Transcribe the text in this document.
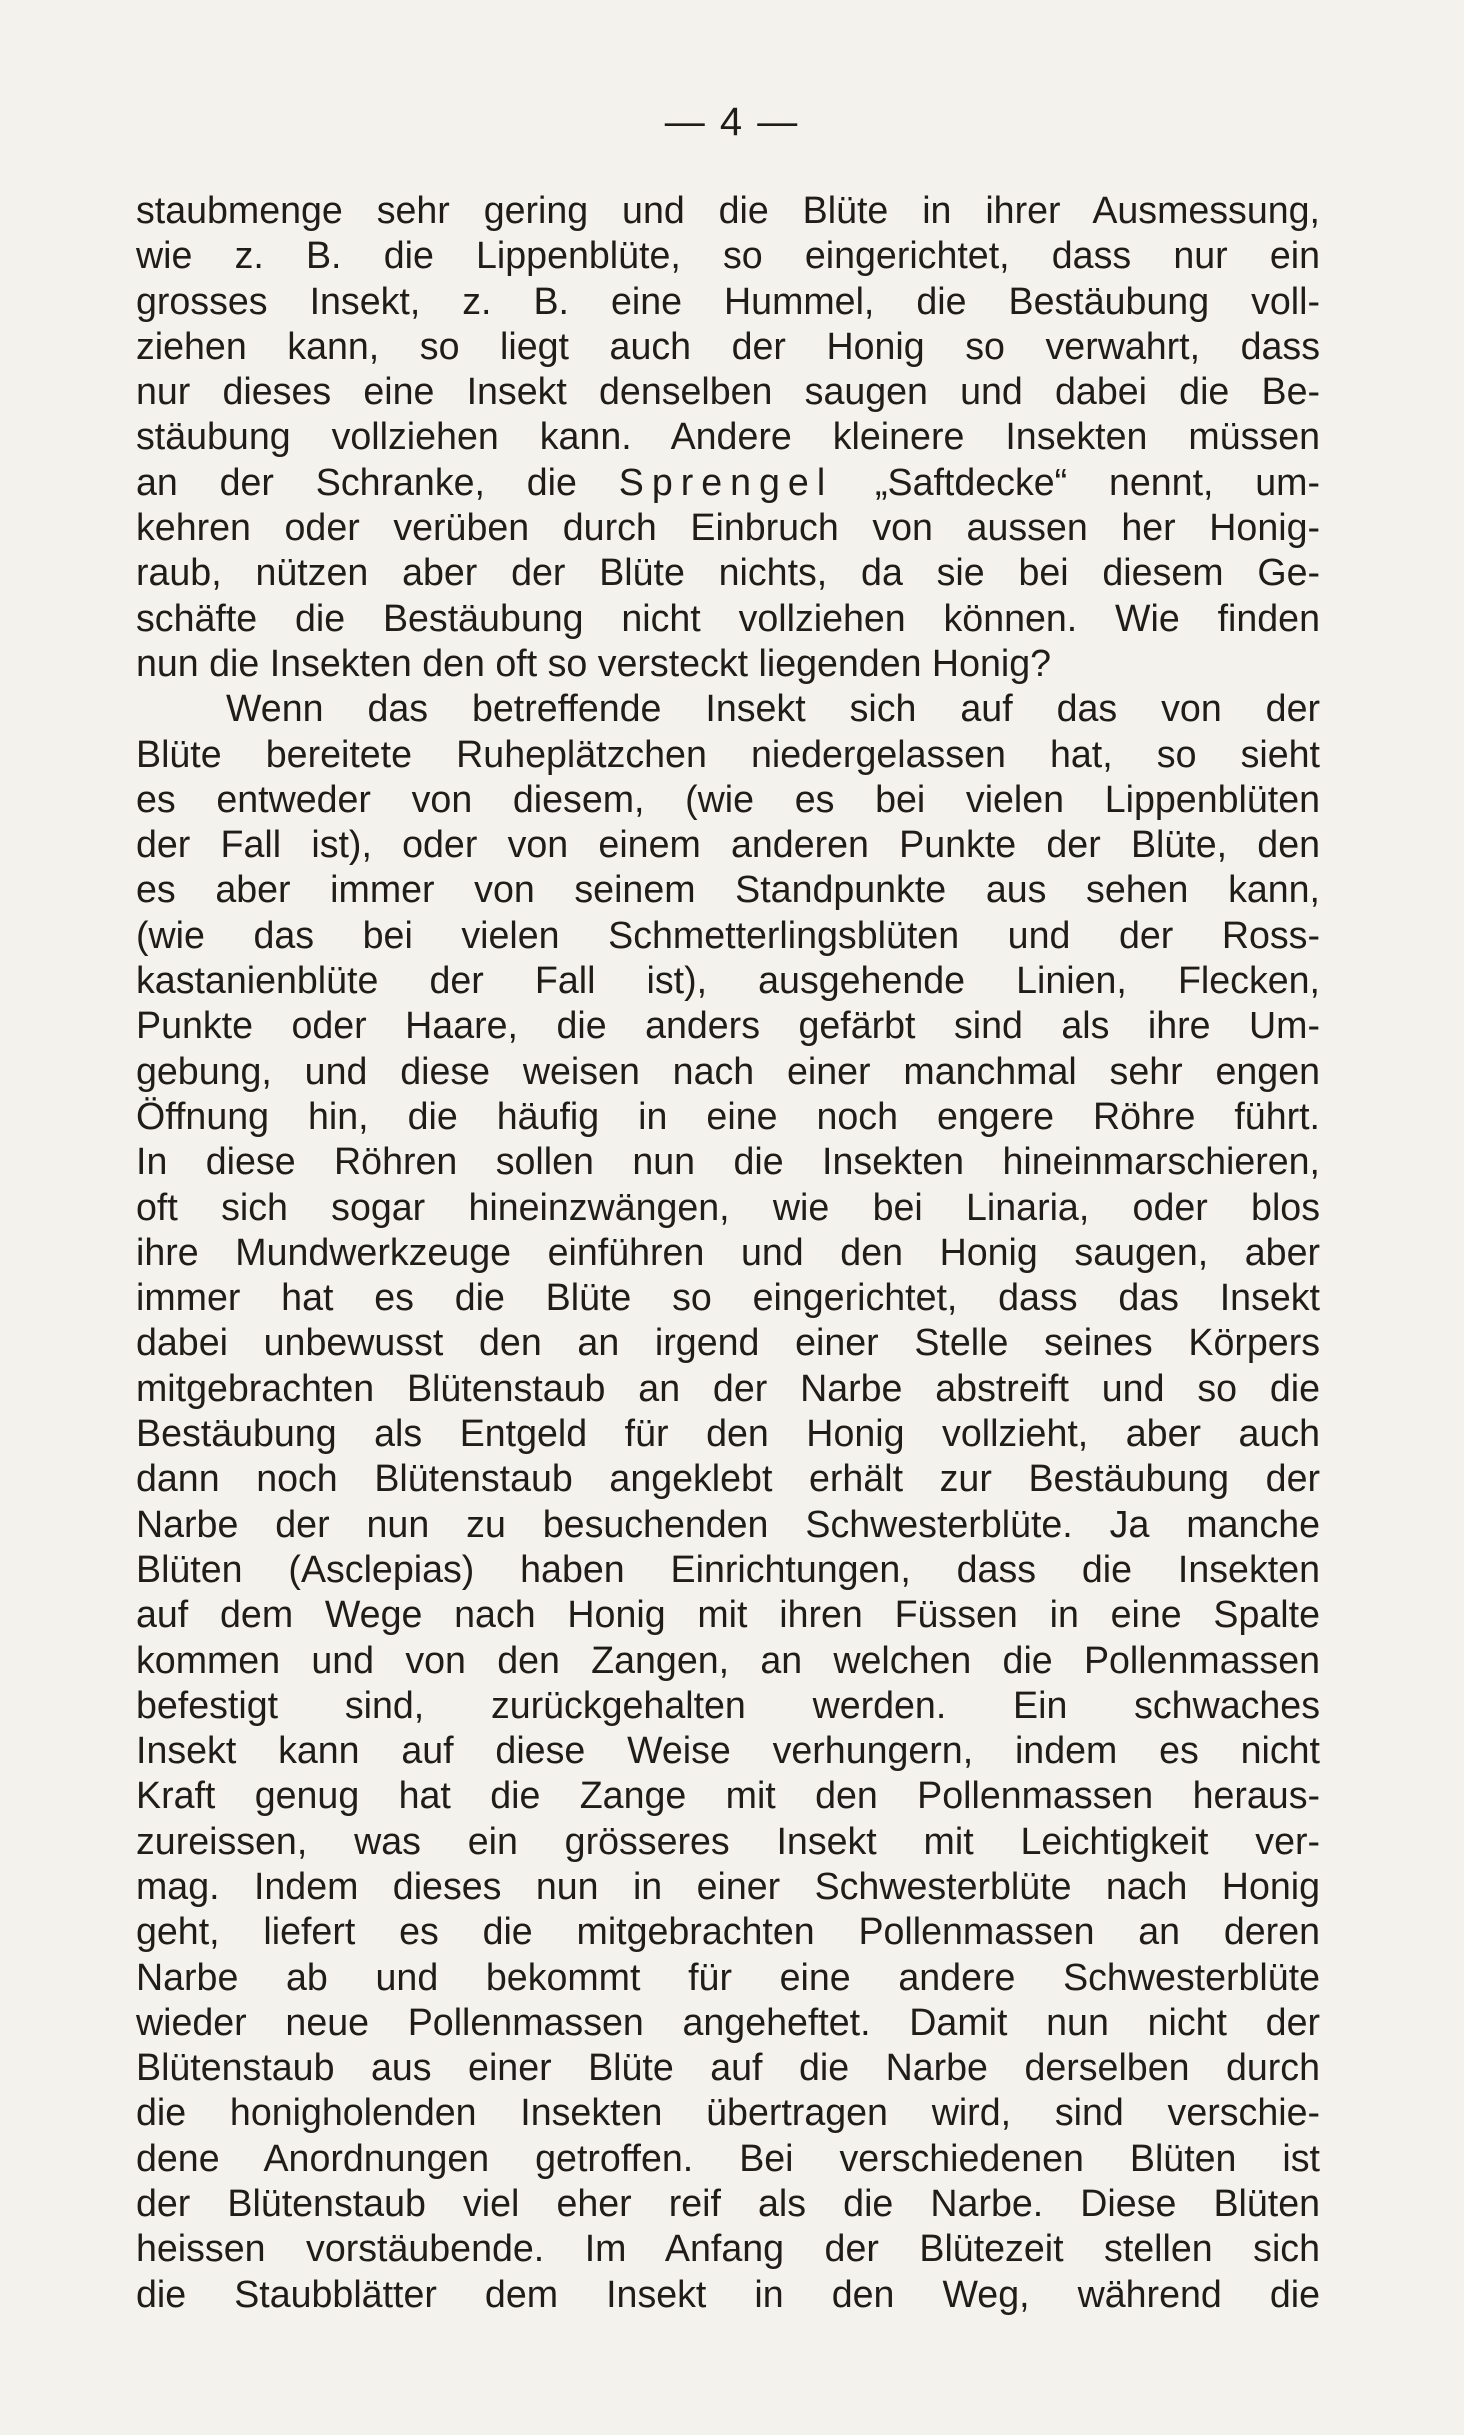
— 4 —
staubmenge sehr gering und die Blüte in ihrer Ausmessung,
wie z. B. die Lippenblüte, so eingerichtet, dass nur ein
grosses Insekt, z. B. eine Hummel, die Bestäubung voll-
ziehen kann, so liegt auch der Honig so verwahrt, dass
nur dieses eine Insekt denselben saugen und dabei die Be-
stäubung vollziehen kann. Andere kleinere Insekten müssen
an der Schranke, die Sprengel „Saftdecke“ nennt, um-
kehren oder verüben durch Einbruch von aussen her Honig-
raub, nützen aber der Blüte nichts, da sie bei diesem Ge-
schäfte die Bestäubung nicht vollziehen können. Wie finden
nun die Insekten den oft so versteckt liegenden Honig?
Wenn das betreffende Insekt sich auf das von der
Blüte bereitete Ruheplätzchen niedergelassen hat, so sieht
es entweder von diesem, (wie es bei vielen Lippenblüten
der Fall ist), oder von einem anderen Punkte der Blüte, den
es aber immer von seinem Standpunkte aus sehen kann,
(wie das bei vielen Schmetterlingsblüten und der Ross-
kastanienblüte der Fall ist), ausgehende Linien, Flecken,
Punkte oder Haare, die anders gefärbt sind als ihre Um-
gebung, und diese weisen nach einer manchmal sehr engen
Öffnung hin, die häufig in eine noch engere Röhre führt.
In diese Röhren sollen nun die Insekten hineinmarschieren,
oft sich sogar hineinzwängen, wie bei Linaria, oder blos
ihre Mundwerkzeuge einführen und den Honig saugen, aber
immer hat es die Blüte so eingerichtet, dass das Insekt
dabei unbewusst den an irgend einer Stelle seines Körpers
mitgebrachten Blütenstaub an der Narbe abstreift und so die
Bestäubung als Entgeld für den Honig vollzieht, aber auch
dann noch Blütenstaub angeklebt erhält zur Bestäubung der
Narbe der nun zu besuchenden Schwesterblüte. Ja manche
Blüten (Asclepias) haben Einrichtungen, dass die Insekten
auf dem Wege nach Honig mit ihren Füssen in eine Spalte
kommen und von den Zangen, an welchen die Pollenmassen
befestigt sind, zurückgehalten werden. Ein schwaches
Insekt kann auf diese Weise verhungern, indem es nicht
Kraft genug hat die Zange mit den Pollenmassen heraus-
zureissen, was ein grösseres Insekt mit Leichtigkeit ver-
mag. Indem dieses nun in einer Schwesterblüte nach Honig
geht, liefert es die mitgebrachten Pollenmassen an deren
Narbe ab und bekommt für eine andere Schwesterblüte
wieder neue Pollenmassen angeheftet. Damit nun nicht der
Blütenstaub aus einer Blüte auf die Narbe derselben durch
die honigholenden Insekten übertragen wird, sind verschie-
dene Anordnungen getroffen. Bei verschiedenen Blüten ist
der Blütenstaub viel eher reif als die Narbe. Diese Blüten
heissen vorstäubende. Im Anfang der Blütezeit stellen sich
die Staubblätter dem Insekt in den Weg, während die
